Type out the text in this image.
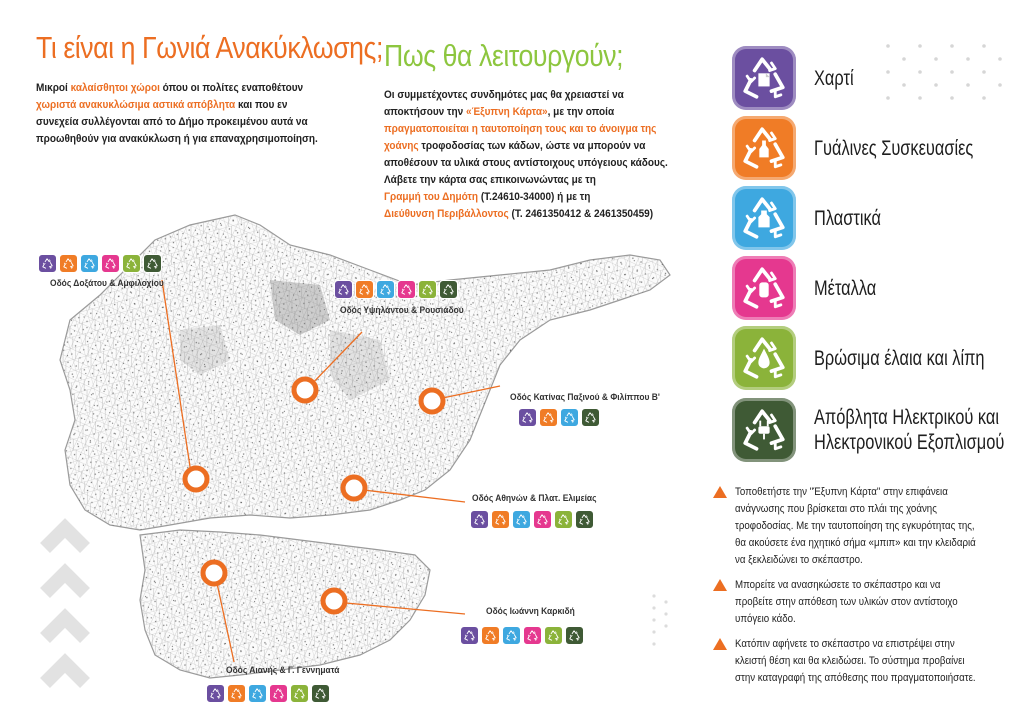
Τι είναι η Γωνιά Ανακύκλωσης;

Μικροί καλαίσθητοι χώροι όπου οι πολίτες εναποθέτουν

χωριστά ανακυκλώσιμα αστικά απόβλητα και που εν

συνεχεία συλλέγονται από το Δήμο προκειμένου αυτά να

προωθηθούν για ανακύκλωση ή για επαναχρησιμοποίηση.

Πως θα λειτουργούν;

Οι συμμετέχοντες συνδημότες μας θα χρειαστεί να

αποκτήσουν την «Έξυπνη Κάρτα», με την οποία

πραγματοποιείται η ταυτοποίηση τους και το άνοιγμα της

χοάνης τροφοδοσίας των κάδων, ώστε να μπορούν να

αποθέσουν τα υλικά στους αντίστοιχους υπόγειους κάδους.

Λάβετε την κάρτα σας επικοινωνώντας με τη

Γραμμή του Δημότη (Τ.24610-34000) ή με τη

Διεύθυνση Περιβάλλοντος (Τ. 2461350412 & 2461350459)

Οδός Δοξάτου & Αμφιλοχίου
Οδός Υψηλάντου & Ρουσιάδου
Οδός Κατίνας Παξινού & Φιλίππου Β'
Οδός Αθηνών & Πλατ. Ελιμείας
Οδός Ιωάννη Καρκιδή
Οδός Αιανής & Γ. Γεννηματά
Χαρτί
Γυάλινες Συσκευασίες
Πλαστικά
Μέταλλα
Βρώσιμα έλαια και λίπη
Απόβλητα Ηλεκτρικού και
Ηλεκτρονικού Εξοπλισμού

Τοποθετήστε την "Έξυπνη Κάρτα" στην επιφάνεια

ανάγνωσης που βρίσκεται στο πλάι της χοάνης

τροφοδοσίας. Με την ταυτοποίηση της εγκυρότητας της,

θα ακούσετε ένα ηχητικό σήμα «μπιπ» και την κλειδαριά

να ξεκλειδώνει το σκέπαστρο.

Μπορείτε να ανασηκώσετε το σκέπαστρο και να

προβείτε στην απόθεση των υλικών στον αντίστοιχο

υπόγειο κάδο.

Κατόπιν αφήνετε το σκέπαστρο να επιστρέψει στην

κλειστή θέση και θα κλειδώσει. Το σύστημα προβαίνει

στην καταγραφή της απόθεσης που πραγματοποιήσατε.
